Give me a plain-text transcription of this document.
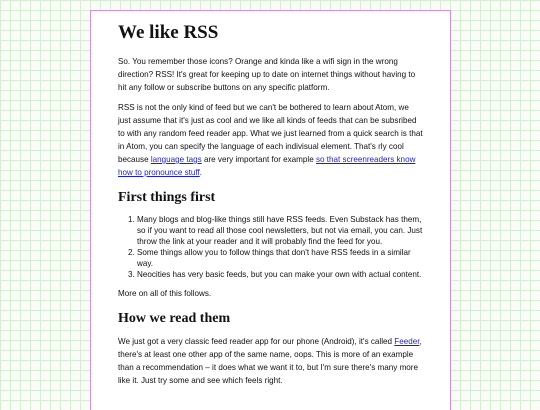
We like RSS

So. You remember those icons? Orange and kinda like a wifi sign in the wrong direction? RSS! It's great for keeping up to date on internet things without having to hit any follow or subscribe buttons on any specific platform.

RSS is not the only kind of feed but we can't be bothered to learn about Atom, we just assume that it's just as cool and we like all kinds of feeds that can be subsribed to with any random feed reader app. What we just learned from a quick search is that in Atom, you can specify the language of each indivisual element. That's rly cool because language tags are very important for example so that screenreaders know how to pronounce stuff.

First things first
1. Many blogs and blog-like things still have RSS feeds. Even Substack has them, so if you want to read all those cool newsletters, but not via email, you can. Just throw the link at your reader and it will probably find the feed for you.
2. Some things allow you to follow things that don't have RSS feeds in a similar way.
3. Neocities has very basic feeds, but you can make your own with actual content.

More on all of this follows.

How we read them

We just got a very classic feed reader app for our phone (Android), it's called Feeder, there's at least one other app of the same name, oops. This is more of an example than a recommendation – it does what we want it to, but I'm sure there's many more like it. Just try some and see which feels right.
